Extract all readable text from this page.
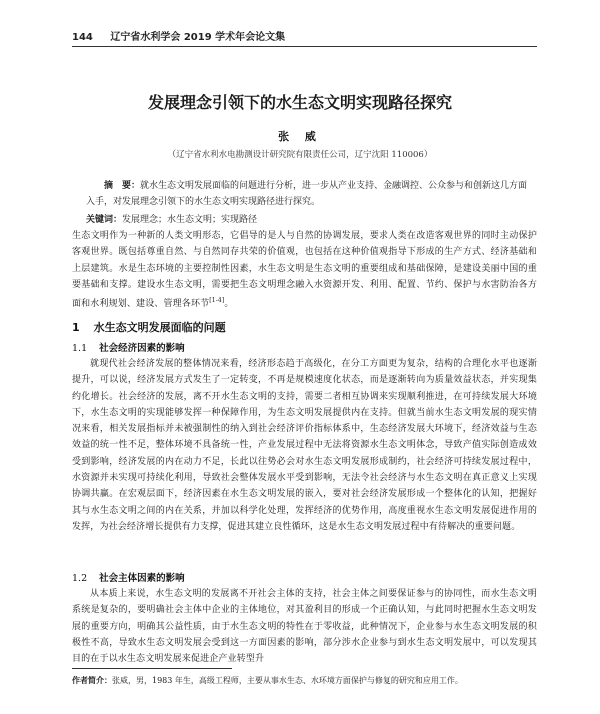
144 辽宁省水利学会 2019 学术年会论文集
发展理念引领下的水生态文明实现路径探究
张 威
（辽宁省水利水电勘测设计研究院有限责任公司，辽宁沈阳 110006）
摘　要：就水生态文明发展面临的问题进行分析，进一步从产业支持、金融调控、公众参与和创新这几方面入手，对发展理念引领下的水生态文明实现路径进行探究。
关键词：发展理念；水生态文明；实现路径
生态文明作为一种新的人类文明形态，它倡导的是人与自然的协调发展，要求人类在改造客观世界的同时主动保护客观世界。既包括尊重自然、与自然同存共荣的价值观，也包括在这种价值观指导下形成的生产方式、经济基础和上层建筑。水是生态环境的主要控制性因素，水生态文明是生态文明的重要组成和基础保障，是建设美丽中国的重要基础和支撑。建设水生态文明，需要把生态文明理念融入水资源开发、利用、配置、节约、保护与水害防治各方面和水利规划、建设、管理各环节[1-4]。
1 水生态文明发展面临的问题
1.1 社会经济因素的影响
就现代社会经济发展的整体情况来看，经济形态趋于高级化，在分工方面更为复杂，结构的合理化水平也逐渐提升，可以说，经济发展方式发生了一定转变，不再是规模速度化状态，而是逐渐转向为质量效益状态，并实现集约化增长。社会经济的发展，离不开水生态文明的支持，需要二者相互协调来实现顺利推进，在可持续发展大环境下，水生态文明的实现能够发挥一种保障作用，为生态文明发展提供内在支持。但就当前水生态文明发展的现实情况来看，相关发展指标并未被强制性的纳入到社会经济评价指标体系中，生态经济发展大环境下，经济效益与生态效益的统一性不足，整体环境不具备统一性，产业发展过程中无法将资源水生态文明体念，导致产值实际创造成效受到影响，经济发展的内在动力不足，长此以往势必会对水生态文明发展形成制约，社会经济可持续发展过程中，水资源并未实现可持续化利用，导致社会整体发展水平受到影响，无法令社会经济与水生态文明在真正意义上实现协调共赢。在宏观层面下，经济因素在水生态文明发展的嵌入，要对社会经济发展形成一个整体化的认知，把握好其与水生态文明之间的内在关系，并加以科学化处理，发挥经济的优势作用，高度重视水生态文明发展促进作用的发挥，为社会经济增长提供有力支撑，促进其建立良性循环，这是水生态文明发展过程中有待解决的重要问题。
1.2 社会主体因素的影响
从本质上来说，水生态文明的发展离不开社会主体的支持，社会主体之间要保证参与的协同性，而水生态文明系统是复杂的，要明确社会主体中企业的主体地位，对其盈利目的形成一个正确认知，与此同时把握水生态文明发展的重要方向，明确其公益性质，由于水生态文明的特性在于零收益，此种情况下，企业参与水生态文明发展的积极性不高，导致水生态文明发展会受到这一方面因素的影响，部分涉水企业参与到水生态文明发展中，可以发现其目的在于以水生态文明发展来促进企产业转型升
作者简介：张威，男，1983 年生，高级工程师，主要从事水生态、水环境方面保护与修复的研究和应用工作。
